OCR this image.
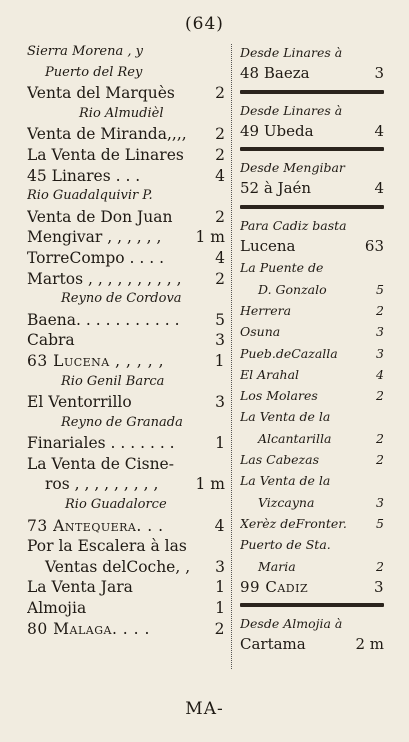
(64)
Sierra Morena , y
Puerto del Rey
Venta del Marquès	2
Rio Almudièl
Venta de Miranda,,,, 2
La Venta de Linares 2
45 Linares . . .	4
Rio Guadalquivir P.
Venta de Don Juan	2
Mengivar , , , , , , 1 m
TorreCompo . . . .	4
Martos , , , , , , , , , , 2
Reyno de Cordova
Baena. . . . . . . . . . . 5
Cabra	3
63 Lucena , , , , ,	1
Rio Genil Barca
El Ventorrillo	3
Reyno de Granada
Finariales . . . . . . .	1
La Venta de Cisne-
ros , , , , , , , , , 1 m
Rio Guadalorce
73 Antequera. . .	4
Por la Escalera à las
Ventas delCoche, , 3
La Venta Jara	1
Almojia	1
80 Malaga. . . .	2
Desde Linares à
48 Baeza	3
Desde Linares à
49 Ubeda	4
Desde Mengibar
52 à Jaén	4
Para Cadiz basta
Lucena	63
La Puente de
D. Gonzalo	5
Herrera	2
Osuna	3
Pueb.deCazalla	3
El Arahal	4
Los Molares	2
La Venta de la
Alcantarilla	2
Las Cabezas	2
La Venta de la
Vizcayna	3
Xerèz deFronter. 5
Puerto de Sta.
Maria	2
99 Cadiz	3
Desde Almojia à
Cartama	2 m
MA-
